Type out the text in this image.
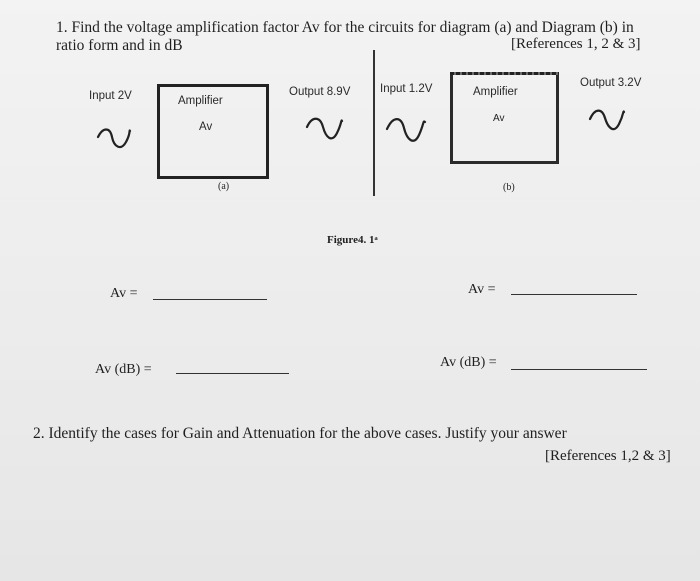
1. Find the voltage amplification factor Av for the circuits for diagram (a) and Diagram (b) in
ratio form and in dB	[References 1, 2 & 3]
Input 2V	Amplifier
Av
(a)
Output 8.9V	Input 1.2V	Amplifier
Av
(b)
Output 3.2V
Figure4. 1ᵃ
Av =
Av (dB) =
Av =
Av (dB) =
2. Identify the cases for Gain and Attenuation for the above cases. Justify your answer
[References 1,2 & 3]
